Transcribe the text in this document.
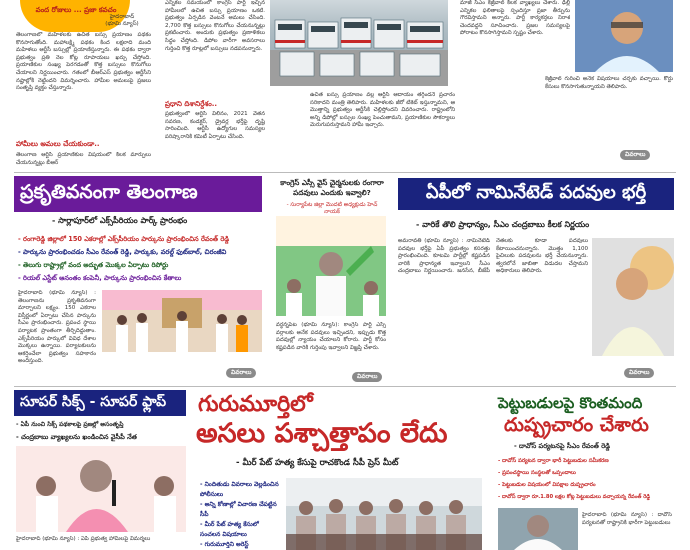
వంద రోజులు ... ప్రజా కవచం
హైదరాబాద్
(భూమి న్యూస్)
తెలంగాణలో మహిళలకు ఉచిత బస్సు ప్రయాణం పథకం కొనసాగుతోంది. మహాలక్ష్మి పథకం కింద లక్షలాది మంది మహిళలు ఆర్టీసీ బస్సుల్లో ప్రయాణిస్తున్నారు. ఈ పథకం ద్వారా ప్రభుత్వం ప్రతి నెల కోట్ల రూపాయలు ఖర్చు చేస్తోంది. ప్రయాణికుల సంఖ్య పెరగడంతో కొత్త బస్సులు కొనుగోలు చేయాలని నిర్ణయించారు. గతంలో బీఆర్ఎస్ ప్రభుత్వం ఆర్టీసీని నష్టాల్లోకి నెట్టిందని విమర్శించారు. హామీల అమలుపై ప్రజలు సంతృప్తి వ్యక్తం చేస్తున్నారు.
హామీలు అమలు చేయకుండా..
తెలంగాణ ఆర్టీసీ ప్రయాణికుల విషయంలో కీలక మార్పులు చేయనున్నట్లు బీఆర్
ఎన్నికల సమయంలో కాంగ్రెస్ పార్టీ ఇచ్చిన హామీలలో ఉచిత బస్సు ప్రయాణం ఒకటి. ప్రభుత్వం ఏర్పడిన వెంటనే అమలు చేసింది. 2,700 కొత్త బస్సులు కొనుగోలు చేయనున్నట్లు ప్రకటించారు. అందుకు ప్రభుత్వం ప్రణాళికలు సిద్ధం చేస్తోంది. డిపోల వారీగా అవసరాలు గుర్తించి కొత్త రూట్లలో బస్సులు నడపనున్నారు.
ప్రధాని దిశానిర్దేశం..
ప్రభుత్వంలో ఆర్టీసీ విలీనం, 2021 వేతన సవరణ, కండక్టర్, డ్రైవర్ల భర్తీపై దృష్టి సారించింది. ఆర్టీసీ ఉద్యోగుల సమస్యల పరిష్కారానికి కమిటీ ఏర్పాటు చేసింది.
ఉచిత బస్సు ప్రయాణం వల్ల ఆర్టీసీ ఆదాయం తగ్గిందనే ప్రచారం సరికాదని మంత్రి తెలిపారు. మహిళలకు జీరో టికెట్ ఇస్తున్నామని, ఆ మొత్తాన్ని ప్రభుత్వం ఆర్టీసీకి చెల్లిస్తోందని వివరించారు. రాష్ట్రంలోని అన్ని డిపోల్లో బస్సుల సంఖ్య పెంచుతామని, ప్రయాణికుల సౌకర్యాలు మెరుగుపరుస్తామని హామీ ఇచ్చారు.
మాజీ సీఎం కేజ్రీవాల్ కీలక వ్యాఖ్యలు చేశారు. ఢిల్లీ ఎన్నికల ఫలితాలపై స్పందిస్తూ ప్రజా తీర్పును గౌరవిస్తామని అన్నారు. పార్టీ కార్యకర్తలు నిరాశ చెందవద్దని సూచించారు. ప్రజల సమస్యలపై పోరాటం కొనసాగిస్తామని స్పష్టం చేశారు.
కేజ్రీవాల్ గురించి అనేక విషయాలు చర్చకు వచ్చాయి. కోర్టు కేసులు కొనసాగుతున్నాయని తెలిపారు.
వివరాలు
ప్రకృతివనంగా తెలంగాణ
- సార్లాపూర్‌లో ఎక్స్‌పీరియం పార్క్ ప్రారంభం
- రంగారెడ్డి జిల్లాలో 150 ఎకరాల్లో ఎక్స్‌పీరియం పార్కును ప్రారంభించిన రేవంత్ రెడ్డి
- పార్కును ప్రారంభించడం సీఎం రేవంత్ రెడ్డి, పార్కుకు, వరల్డ్ ఫుట్‌బాల్, చిరంజీవి
- తెలుగు రాష్ట్రాల్లో వంద అద్భుత మొక్కల ఏర్పాటు రిపోర్టు
- రియల్ ఎస్టేట్ ఆనంతం కంపెనీ, పార్కును ప్రారంభించిన కేతాలు
హైదరాబాద్ (భూమి న్యూస్) : తెలంగాణను ప్రకృతివనంగా మార్చాలని లక్ష్యం. 150 ఎకరాల విస్తీర్ణంలో ఏర్పాటు చేసిన పార్కును సీఎం ప్రారంభించారు. ప్రపంచ స్థాయి పర్యాటక ప్రాంతంగా తీర్చిదిద్దుతాం. ఎక్స్‌పీరియం పార్కులో వివిధ దేశాల మొక్కలు ఉన్నాయి. పర్యాటకులను ఆకర్షించేలా ప్రభుత్వం సహకారం అందిస్తుంది.
వివరాలు
కాంగ్రెస్ ఎస్సీ వైస్‌ చైర్మనులకు రంగారా పదవులు ఎందుకు ఇవ్వాలి?
- సుర్యాపేట జిల్లా మొదటి అధ్యక్షుడు హెచ్ నాయక్
వర్ధన్నపేట (భూమి న్యూస్): కాంగ్రెస్ పార్టీ ఎస్సీ వర్గాలకు అనేక పదవులు ఇచ్చిందని, ఇప్పుడు కొత్త పదవుల్లో న్యాయం చేయాలని కోరారు. పార్టీ కోసం కష్టపడిన వారికి గుర్తింపు ఇవ్వాలని విజ్ఞప్తి చేశారు.
వివరాలు
ఏపీలో నామినేటెడ్ పదవుల భర్తీ
- వారికే తొలి ప్రాధాన్యం, సీఎం చంద్రబాబు కీలక నిర్ణయం
అమరావతి (భూమి న్యూస్) : నామినేటెడ్ పదవుల భర్తీపై ఏపీ ప్రభుత్వం కసరత్తు ప్రారంభించింది. కూటమి పార్టీల్లో కష్టపడిన వారికి ప్రాధాన్యత ఇవ్వాలని సీఎం చంద్రబాబు నిర్ణయించారు. జనసేన, బీజేపీ నేతలకు కూడా పదవులు కేటాయించనున్నారు. మొత్తం 1,100 పైచిలుకు పదవులను భర్తీ చేయనున్నారు. త్వరలోనే జాబితా విడుదల చేస్తామని అధికారులు తెలిపారు.
వివరాలు
సూపర్ సిక్స్ - సూపర్ ఫ్లాప్
- ఏపీ నుంచి సిక్స్ పథకాలపై ప్రజల్లో అసంతృప్తి
- చంద్రబాబు వ్యాఖ్యలను ఖండించిన వైసీపీ నేత
హైదరాబాద్ (భూమి న్యూస్) : ఏపీ ప్రభుత్వ హామీలపై విమర్శలు
గురుమూర్తిలో
అసలు పశ్చాత్తాపం లేదు
- మీర్ పేట్ హత్య కేసుపై రాచకొండ సీపీ ప్రెస్ మీట్
- నిందితుడు వివరాలు వెల్లడించిన పోలీసులు
- అన్ని కోణాల్లో విచారణ చేపట్టిన సీపీ
- మీర్ పేట్ హత్య కేసులో సంచలన విషయాలు
- గురుమూర్తిని అరెస్ట్
పెట్టుబడులపై కొంతమంది
దుష్ప్రచారం చేశారు
- దావోస్ పర్యటనపై సీఎం రేవంత్ రెడ్డి
- దావోస్ పర్యటన ద్వారా భారీ పెట్టుబడుల సమీకరణ
- ప్రపంచస్థాయి సంస్థలతో ఒప్పందాలు
- పెట్టుబడుల విషయంలో విపక్షాల దుష్ప్రచారం
- దావోస్ ద్వారా రూ.1.80 లక్షల కోట్ల పెట్టుబడులు వచ్చాయన్న రేవంత్ రెడ్డి
హైదరాబాద్ (భూమి న్యూస్) : దావోస్ పర్యటనతో రాష్ట్రానికి భారీగా పెట్టుబడులు
